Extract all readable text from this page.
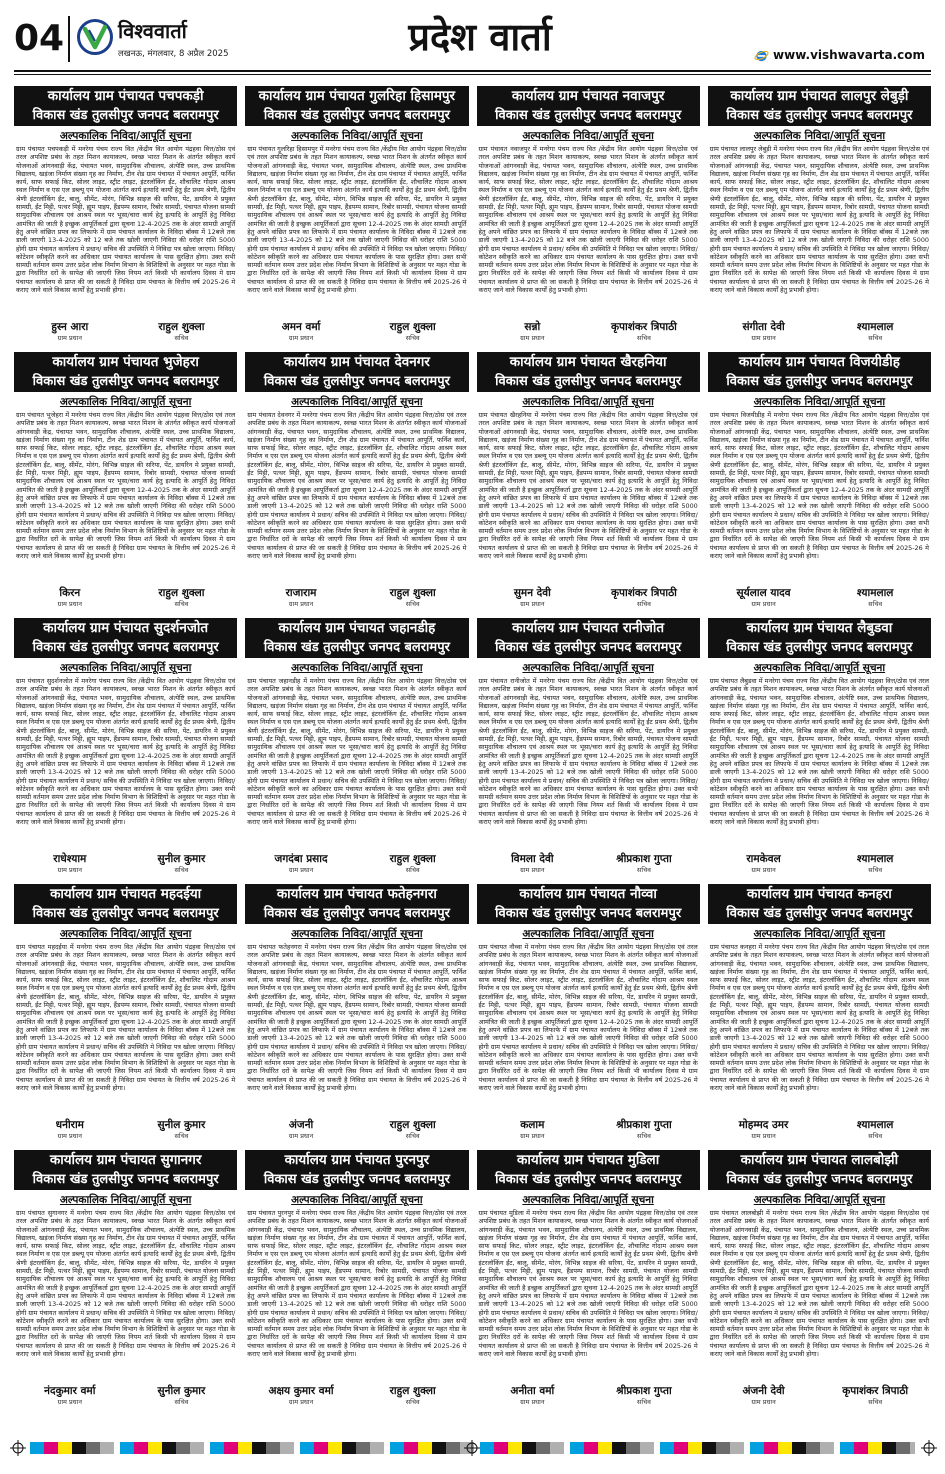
04	विश्ववार्ता
लखनऊ, मंगलवार, 8 अप्रैल 2025	प्रदेश वार्ता	www.vishwavarta.com
कार्यालय ग्राम पंचायत पचपकड़ी
विकास खंड तुलसीपुर जनपद बलरामपुर
अल्पकालिक निविदा/आपूर्ति सूचना
ग्राम पंचायत पचपकड़ी में मनरेगा पंचम राज्य वित /केंद्रीय वित आयोग पंद्रहवा वित्त/ठोस एवं तरल अपशिष्ट प्रबंध के तहत मिशन कायाकल्प, स्वच्छ भारत मिशन के अंतर्गत स्वीकृत कार्य योजनाओं आंगनवाड़ी केंद्र, पंचायत भवन, सामुदायिक शौचालय, अंत्येष्टि स्थल, उच्च प्राथमिक विद्यालय, खड़ंजा निर्माण संख्या गृह का निर्माण, टीन शेड ग्राम पंचायत में पंचायत आपूर्ति, फर्निश कार्य, साफ सफाई किट, सोलर लाइट, स्ट्रीट लाइट, इंटरलॉकिंग ईंट, शौचालिट गोदाम आश्रय स्थल निर्माण व एस एल डब्ल्यू एम योजना अंतर्गत कार्य इत्यादि कार्यों हेतु ईंट प्रथम श्रेणी, द्वितीय श्रेणी इंटरलॉकिंग ईंट, बालू, सीमेंट, मोरंग, विभिन्न साइज की सरिया, पेंट, डायरिन मे प्रयुक्त सामग्री, ईंट मिट्टी, पत्थर मिट्टी, ह्यूम पाइप, हैंडपम्प सामान, रिबोर सामग्री, पंचायत योजना सामग्री सामुदायिक शौचालय एवं आश्रय स्थल पर भूसा/चारा कार्य हेतु इत्यादि के आपूर्ति हेतु निविदा आमंत्रित की जाती है इच्छुक आपूर्तिकर्ता द्वारा सूचना 12-4-2025 तक के अंदर सामग्री आपूर्ति हेतु अपने वांछित प्रपत्र का लिफाफे में ग्राम पंचायत कार्यालय के निविदा बॉक्स में 12बजे तक डाली जाएगी 13-4-2025 को 12 बजे तक खोली जाएगी निविदा की धरोहर राशि 5000 होगी ग्राम पंचायत कार्यालय मे प्रधान/ सचिव की उपस्थिति मे निविदा पत्र खोला जाएगा। निविदा/कोटेशन स्वीकृति करने का अधिकार ग्राम पंचायत कार्यालय के पास सुरक्षित होगा। उक्त सभी सामग्री वर्तमान समय उत्तर प्रदेश लोक निर्माण विभाग के विशिष्टियों के अनुसार पर महत गोडा के द्वारा निर्धारित दरों के सापेक्ष की जाएगी जिस नियम शर्त किसी भी कार्यालय दिवस मे ग्राम पंचायत कार्यालय से प्राप्त की जा सकती है निविदा ग्राम पंचायत के वित्तीय वर्ष 2025-26 मे कराए जाने वाले विकास कार्यों हेतु प्रभावी होगा।
हुस्न आरा
ग्राम प्रधान
राहुल शुक्ला
सचिव
कार्यालय ग्राम पंचायत गुलरिहा हिसामपुर
विकास खंड तुलसीपुर जनपद बलरामपुर
अल्पकालिक निविदा/आपूर्ति सूचना
ग्राम पंचायत गुलरिहा हिसामपुर में मनरेगा पंचम राज्य वित /केंद्रीय वित आयोग पंद्रहवा वित्त/ठोस एवं तरल अपशिष्ट प्रबंध के तहत मिशन कायाकल्प, स्वच्छ भारत मिशन के अंतर्गत स्वीकृत कार्य योजनाओं आंगनवाड़ी केंद्र, पंचायत भवन, सामुदायिक शौचालय, अंत्येष्टि स्थल, उच्च प्राथमिक विद्यालय, खड़ंजा निर्माण संख्या गृह का निर्माण, टीन शेड ग्राम पंचायत में पंचायत आपूर्ति, फर्निश कार्य, साफ सफाई किट, सोलर लाइट, स्ट्रीट लाइट, इंटरलॉकिंग ईंट, शौचालिट गोदाम आश्रय स्थल निर्माण व एस एल डब्ल्यू एम योजना अंतर्गत कार्य इत्यादि कार्यों हेतु ईंट प्रथम श्रेणी, द्वितीय श्रेणी इंटरलॉकिंग ईंट, बालू, सीमेंट, मोरंग, विभिन्न साइज की सरिया, पेंट, डायरिन मे प्रयुक्त सामग्री, ईंट मिट्टी, पत्थर मिट्टी, ह्यूम पाइप, हैंडपम्प सामान, रिबोर सामग्री, पंचायत योजना सामग्री सामुदायिक शौचालय एवं आश्रय स्थल पर भूसा/चारा कार्य हेतु इत्यादि के आपूर्ति हेतु निविदा आमंत्रित की जाती है इच्छुक आपूर्तिकर्ता द्वारा सूचना 12-4-2025 तक के अंदर सामग्री आपूर्ति हेतु अपने वांछित प्रपत्र का लिफाफे में ग्राम पंचायत कार्यालय के निविदा बॉक्स में 12बजे तक डाली जाएगी 13-4-2025 को 12 बजे तक खोली जाएगी निविदा की धरोहर राशि 5000 होगी ग्राम पंचायत कार्यालय मे प्रधान/ सचिव की उपस्थिति मे निविदा पत्र खोला जाएगा। निविदा/कोटेशन स्वीकृति करने का अधिकार ग्राम पंचायत कार्यालय के पास सुरक्षित होगा। उक्त सभी सामग्री वर्तमान समय उत्तर प्रदेश लोक निर्माण विभाग के विशिष्टियों के अनुसार पर महत गोडा के द्वारा निर्धारित दरों के सापेक्ष की जाएगी जिस नियम शर्त किसी भी कार्यालय दिवस मे ग्राम पंचायत कार्यालय से प्राप्त की जा सकती है निविदा ग्राम पंचायत के वित्तीय वर्ष 2025-26 मे कराए जाने वाले विकास कार्यों हेतु प्रभावी होगा।
अमन वर्मा
ग्राम प्रधान
राहुल शुक्ला
सचिव
कार्यालय ग्राम पंचायत नवाजपुर
विकास खंड तुलसीपुर जनपद बलरामपुर
अल्पकालिक निविदा/आपूर्ति सूचना
ग्राम पंचायत नवाजपुर में मनरेगा पंचम राज्य वित /केंद्रीय वित आयोग पंद्रहवा वित्त/ठोस एवं तरल अपशिष्ट प्रबंध के तहत मिशन कायाकल्प, स्वच्छ भारत मिशन के अंतर्गत स्वीकृत कार्य योजनाओं आंगनवाड़ी केंद्र, पंचायत भवन, सामुदायिक शौचालय, अंत्येष्टि स्थल, उच्च प्राथमिक विद्यालय, खड़ंजा निर्माण संख्या गृह का निर्माण, टीन शेड ग्राम पंचायत में पंचायत आपूर्ति, फर्निश कार्य, साफ सफाई किट, सोलर लाइट, स्ट्रीट लाइट, इंटरलॉकिंग ईंट, शौचालिट गोदाम आश्रय स्थल निर्माण व एस एल डब्ल्यू एम योजना अंतर्गत कार्य इत्यादि कार्यों हेतु ईंट प्रथम श्रेणी, द्वितीय श्रेणी इंटरलॉकिंग ईंट, बालू, सीमेंट, मोरंग, विभिन्न साइज की सरिया, पेंट, डायरिन मे प्रयुक्त सामग्री, ईंट मिट्टी, पत्थर मिट्टी, ह्यूम पाइप, हैंडपम्प सामान, रिबोर सामग्री, पंचायत योजना सामग्री सामुदायिक शौचालय एवं आश्रय स्थल पर भूसा/चारा कार्य हेतु इत्यादि के आपूर्ति हेतु निविदा आमंत्रित की जाती है इच्छुक आपूर्तिकर्ता द्वारा सूचना 12-4-2025 तक के अंदर सामग्री आपूर्ति हेतु अपने वांछित प्रपत्र का लिफाफे में ग्राम पंचायत कार्यालय के निविदा बॉक्स में 12बजे तक डाली जाएगी 13-4-2025 को 12 बजे तक खोली जाएगी निविदा की धरोहर राशि 5000 होगी ग्राम पंचायत कार्यालय मे प्रधान/ सचिव की उपस्थिति मे निविदा पत्र खोला जाएगा। निविदा/कोटेशन स्वीकृति करने का अधिकार ग्राम पंचायत कार्यालय के पास सुरक्षित होगा। उक्त सभी सामग्री वर्तमान समय उत्तर प्रदेश लोक निर्माण विभाग के विशिष्टियों के अनुसार पर महत गोडा के द्वारा निर्धारित दरों के सापेक्ष की जाएगी जिस नियम शर्त किसी भी कार्यालय दिवस मे ग्राम पंचायत कार्यालय से प्राप्त की जा सकती है निविदा ग्राम पंचायत के वित्तीय वर्ष 2025-26 मे कराए जाने वाले विकास कार्यों हेतु प्रभावी होगा।
सन्नो
ग्राम प्रधान
कृपाशंकर त्रिपाठी
सचिव
कार्यालय ग्राम पंचायत लालपुर लेबुड़ी
विकास खंड तुलसीपुर जनपद बलरामपुर
अल्पकालिक निविदा/आपूर्ति सूचना
ग्राम पंचायत लालपुर लेबुड़ी में मनरेगा पंचम राज्य वित /केंद्रीय वित आयोग पंद्रहवा वित्त/ठोस एवं तरल अपशिष्ट प्रबंध के तहत मिशन कायाकल्प, स्वच्छ भारत मिशन के अंतर्गत स्वीकृत कार्य योजनाओं आंगनवाड़ी केंद्र, पंचायत भवन, सामुदायिक शौचालय, अंत्येष्टि स्थल, उच्च प्राथमिक विद्यालय, खड़ंजा निर्माण संख्या गृह का निर्माण, टीन शेड ग्राम पंचायत में पंचायत आपूर्ति, फर्निश कार्य, साफ सफाई किट, सोलर लाइट, स्ट्रीट लाइट, इंटरलॉकिंग ईंट, शौचालिट गोदाम आश्रय स्थल निर्माण व एस एल डब्ल्यू एम योजना अंतर्गत कार्य इत्यादि कार्यों हेतु ईंट प्रथम श्रेणी, द्वितीय श्रेणी इंटरलॉकिंग ईंट, बालू, सीमेंट, मोरंग, विभिन्न साइज की सरिया, पेंट, डायरिन मे प्रयुक्त सामग्री, ईंट मिट्टी, पत्थर मिट्टी, ह्यूम पाइप, हैंडपम्प सामान, रिबोर सामग्री, पंचायत योजना सामग्री सामुदायिक शौचालय एवं आश्रय स्थल पर भूसा/चारा कार्य हेतु इत्यादि के आपूर्ति हेतु निविदा आमंत्रित की जाती है इच्छुक आपूर्तिकर्ता द्वारा सूचना 12-4-2025 तक के अंदर सामग्री आपूर्ति हेतु अपने वांछित प्रपत्र का लिफाफे में ग्राम पंचायत कार्यालय के निविदा बॉक्स में 12बजे तक डाली जाएगी 13-4-2025 को 12 बजे तक खोली जाएगी निविदा की धरोहर राशि 5000 होगी ग्राम पंचायत कार्यालय मे प्रधान/ सचिव की उपस्थिति मे निविदा पत्र खोला जाएगा। निविदा/कोटेशन स्वीकृति करने का अधिकार ग्राम पंचायत कार्यालय के पास सुरक्षित होगा। उक्त सभी सामग्री वर्तमान समय उत्तर प्रदेश लोक निर्माण विभाग के विशिष्टियों के अनुसार पर महत गोडा के द्वारा निर्धारित दरों के सापेक्ष की जाएगी जिस नियम शर्त किसी भी कार्यालय दिवस मे ग्राम पंचायत कार्यालय से प्राप्त की जा सकती है निविदा ग्राम पंचायत के वित्तीय वर्ष 2025-26 मे कराए जाने वाले विकास कार्यों हेतु प्रभावी होगा।
संगीता देवी
ग्राम प्रधान
श्यामलाल
सचिव
कार्यालय ग्राम पंचायत भुजेहरा
विकास खंड तुलसीपुर जनपद बलरामपुर
अल्पकालिक निविदा/आपूर्ति सूचना
ग्राम पंचायत भुजेहरा में मनरेगा पंचम राज्य वित /केंद्रीय वित आयोग पंद्रहवा वित्त/ठोस एवं तरल अपशिष्ट प्रबंध के तहत मिशन कायाकल्प, स्वच्छ भारत मिशन के अंतर्गत स्वीकृत कार्य योजनाओं आंगनवाड़ी केंद्र, पंचायत भवन, सामुदायिक शौचालय, अंत्येष्टि स्थल, उच्च प्राथमिक विद्यालय, खड़ंजा निर्माण संख्या गृह का निर्माण, टीन शेड ग्राम पंचायत में पंचायत आपूर्ति, फर्निश कार्य, साफ सफाई किट, सोलर लाइट, स्ट्रीट लाइट, इंटरलॉकिंग ईंट, शौचालिट गोदाम आश्रय स्थल निर्माण व एस एल डब्ल्यू एम योजना अंतर्गत कार्य इत्यादि कार्यों हेतु ईंट प्रथम श्रेणी, द्वितीय श्रेणी इंटरलॉकिंग ईंट, बालू, सीमेंट, मोरंग, विभिन्न साइज की सरिया, पेंट, डायरिन मे प्रयुक्त सामग्री, ईंट मिट्टी, पत्थर मिट्टी, ह्यूम पाइप, हैंडपम्प सामान, रिबोर सामग्री, पंचायत योजना सामग्री सामुदायिक शौचालय एवं आश्रय स्थल पर भूसा/चारा कार्य हेतु इत्यादि के आपूर्ति हेतु निविदा आमंत्रित की जाती है इच्छुक आपूर्तिकर्ता द्वारा सूचना 12-4-2025 तक के अंदर सामग्री आपूर्ति हेतु अपने वांछित प्रपत्र का लिफाफे में ग्राम पंचायत कार्यालय के निविदा बॉक्स में 12बजे तक डाली जाएगी 13-4-2025 को 12 बजे तक खोली जाएगी निविदा की धरोहर राशि 5000 होगी ग्राम पंचायत कार्यालय मे प्रधान/ सचिव की उपस्थिति मे निविदा पत्र खोला जाएगा। निविदा/कोटेशन स्वीकृति करने का अधिकार ग्राम पंचायत कार्यालय के पास सुरक्षित होगा। उक्त सभी सामग्री वर्तमान समय उत्तर प्रदेश लोक निर्माण विभाग के विशिष्टियों के अनुसार पर महत गोडा के द्वारा निर्धारित दरों के सापेक्ष की जाएगी जिस नियम शर्त किसी भी कार्यालय दिवस मे ग्राम पंचायत कार्यालय से प्राप्त की जा सकती है निविदा ग्राम पंचायत के वित्तीय वर्ष 2025-26 मे कराए जाने वाले विकास कार्यों हेतु प्रभावी होगा।
किरन
ग्राम प्रधान
राहुल शुक्ला
सचिव
कार्यालय ग्राम पंचायत देवनगर
विकास खंड तुलसीपुर जनपद बलरामपुर
अल्पकालिक निविदा/आपूर्ति सूचना
ग्राम पंचायत देवनगर में मनरेगा पंचम राज्य वित /केंद्रीय वित आयोग पंद्रहवा वित्त/ठोस एवं तरल अपशिष्ट प्रबंध के तहत मिशन कायाकल्प, स्वच्छ भारत मिशन के अंतर्गत स्वीकृत कार्य योजनाओं आंगनवाड़ी केंद्र, पंचायत भवन, सामुदायिक शौचालय, अंत्येष्टि स्थल, उच्च प्राथमिक विद्यालय, खड़ंजा निर्माण संख्या गृह का निर्माण, टीन शेड ग्राम पंचायत में पंचायत आपूर्ति, फर्निश कार्य, साफ सफाई किट, सोलर लाइट, स्ट्रीट लाइट, इंटरलॉकिंग ईंट, शौचालिट गोदाम आश्रय स्थल निर्माण व एस एल डब्ल्यू एम योजना अंतर्गत कार्य इत्यादि कार्यों हेतु ईंट प्रथम श्रेणी, द्वितीय श्रेणी इंटरलॉकिंग ईंट, बालू, सीमेंट, मोरंग, विभिन्न साइज की सरिया, पेंट, डायरिन मे प्रयुक्त सामग्री, ईंट मिट्टी, पत्थर मिट्टी, ह्यूम पाइप, हैंडपम्प सामान, रिबोर सामग्री, पंचायत योजना सामग्री सामुदायिक शौचालय एवं आश्रय स्थल पर भूसा/चारा कार्य हेतु इत्यादि के आपूर्ति हेतु निविदा आमंत्रित की जाती है इच्छुक आपूर्तिकर्ता द्वारा सूचना 12-4-2025 तक के अंदर सामग्री आपूर्ति हेतु अपने वांछित प्रपत्र का लिफाफे में ग्राम पंचायत कार्यालय के निविदा बॉक्स में 12बजे तक डाली जाएगी 13-4-2025 को 12 बजे तक खोली जाएगी निविदा की धरोहर राशि 5000 होगी ग्राम पंचायत कार्यालय मे प्रधान/ सचिव की उपस्थिति मे निविदा पत्र खोला जाएगा। निविदा/कोटेशन स्वीकृति करने का अधिकार ग्राम पंचायत कार्यालय के पास सुरक्षित होगा। उक्त सभी सामग्री वर्तमान समय उत्तर प्रदेश लोक निर्माण विभाग के विशिष्टियों के अनुसार पर महत गोडा के द्वारा निर्धारित दरों के सापेक्ष की जाएगी जिस नियम शर्त किसी भी कार्यालय दिवस मे ग्राम पंचायत कार्यालय से प्राप्त की जा सकती है निविदा ग्राम पंचायत के वित्तीय वर्ष 2025-26 मे कराए जाने वाले विकास कार्यों हेतु प्रभावी होगा।
राजाराम
ग्राम प्रधान
राहुल शुक्ला
सचिव
कार्यालय ग्राम पंचायत खैरहनिया
विकास खंड तुलसीपुर जनपद बलरामपुर
अल्पकालिक निविदा/आपूर्ति सूचना
ग्राम पंचायत खैरहनिया में मनरेगा पंचम राज्य वित /केंद्रीय वित आयोग पंद्रहवा वित्त/ठोस एवं तरल अपशिष्ट प्रबंध के तहत मिशन कायाकल्प, स्वच्छ भारत मिशन के अंतर्गत स्वीकृत कार्य योजनाओं आंगनवाड़ी केंद्र, पंचायत भवन, सामुदायिक शौचालय, अंत्येष्टि स्थल, उच्च प्राथमिक विद्यालय, खड़ंजा निर्माण संख्या गृह का निर्माण, टीन शेड ग्राम पंचायत में पंचायत आपूर्ति, फर्निश कार्य, साफ सफाई किट, सोलर लाइट, स्ट्रीट लाइट, इंटरलॉकिंग ईंट, शौचालिट गोदाम आश्रय स्थल निर्माण व एस एल डब्ल्यू एम योजना अंतर्गत कार्य इत्यादि कार्यों हेतु ईंट प्रथम श्रेणी, द्वितीय श्रेणी इंटरलॉकिंग ईंट, बालू, सीमेंट, मोरंग, विभिन्न साइज की सरिया, पेंट, डायरिन मे प्रयुक्त सामग्री, ईंट मिट्टी, पत्थर मिट्टी, ह्यूम पाइप, हैंडपम्प सामान, रिबोर सामग्री, पंचायत योजना सामग्री सामुदायिक शौचालय एवं आश्रय स्थल पर भूसा/चारा कार्य हेतु इत्यादि के आपूर्ति हेतु निविदा आमंत्रित की जाती है इच्छुक आपूर्तिकर्ता द्वारा सूचना 12-4-2025 तक के अंदर सामग्री आपूर्ति हेतु अपने वांछित प्रपत्र का लिफाफे में ग्राम पंचायत कार्यालय के निविदा बॉक्स में 12बजे तक डाली जाएगी 13-4-2025 को 12 बजे तक खोली जाएगी निविदा की धरोहर राशि 5000 होगी ग्राम पंचायत कार्यालय मे प्रधान/ सचिव की उपस्थिति मे निविदा पत्र खोला जाएगा। निविदा/कोटेशन स्वीकृति करने का अधिकार ग्राम पंचायत कार्यालय के पास सुरक्षित होगा। उक्त सभी सामग्री वर्तमान समय उत्तर प्रदेश लोक निर्माण विभाग के विशिष्टियों के अनुसार पर महत गोडा के द्वारा निर्धारित दरों के सापेक्ष की जाएगी जिस नियम शर्त किसी भी कार्यालय दिवस मे ग्राम पंचायत कार्यालय से प्राप्त की जा सकती है निविदा ग्राम पंचायत के वित्तीय वर्ष 2025-26 मे कराए जाने वाले विकास कार्यों हेतु प्रभावी होगा।
सुमन देवी
ग्राम प्रधान
कृपाशंकर त्रिपाठी
सचिव
कार्यालय ग्राम पंचायत विजयीडीह
विकास खंड तुलसीपुर जनपद बलरामपुर
अल्पकालिक निविदा/आपूर्ति सूचना
ग्राम पंचायत विजयीडीह में मनरेगा पंचम राज्य वित /केंद्रीय वित आयोग पंद्रहवा वित्त/ठोस एवं तरल अपशिष्ट प्रबंध के तहत मिशन कायाकल्प, स्वच्छ भारत मिशन के अंतर्गत स्वीकृत कार्य योजनाओं आंगनवाड़ी केंद्र, पंचायत भवन, सामुदायिक शौचालय, अंत्येष्टि स्थल, उच्च प्राथमिक विद्यालय, खड़ंजा निर्माण संख्या गृह का निर्माण, टीन शेड ग्राम पंचायत में पंचायत आपूर्ति, फर्निश कार्य, साफ सफाई किट, सोलर लाइट, स्ट्रीट लाइट, इंटरलॉकिंग ईंट, शौचालिट गोदाम आश्रय स्थल निर्माण व एस एल डब्ल्यू एम योजना अंतर्गत कार्य इत्यादि कार्यों हेतु ईंट प्रथम श्रेणी, द्वितीय श्रेणी इंटरलॉकिंग ईंट, बालू, सीमेंट, मोरंग, विभिन्न साइज की सरिया, पेंट, डायरिन मे प्रयुक्त सामग्री, ईंट मिट्टी, पत्थर मिट्टी, ह्यूम पाइप, हैंडपम्प सामान, रिबोर सामग्री, पंचायत योजना सामग्री सामुदायिक शौचालय एवं आश्रय स्थल पर भूसा/चारा कार्य हेतु इत्यादि के आपूर्ति हेतु निविदा आमंत्रित की जाती है इच्छुक आपूर्तिकर्ता द्वारा सूचना 12-4-2025 तक के अंदर सामग्री आपूर्ति हेतु अपने वांछित प्रपत्र का लिफाफे में ग्राम पंचायत कार्यालय के निविदा बॉक्स में 12बजे तक डाली जाएगी 13-4-2025 को 12 बजे तक खोली जाएगी निविदा की धरोहर राशि 5000 होगी ग्राम पंचायत कार्यालय मे प्रधान/ सचिव की उपस्थिति मे निविदा पत्र खोला जाएगा। निविदा/कोटेशन स्वीकृति करने का अधिकार ग्राम पंचायत कार्यालय के पास सुरक्षित होगा। उक्त सभी सामग्री वर्तमान समय उत्तर प्रदेश लोक निर्माण विभाग के विशिष्टियों के अनुसार पर महत गोडा के द्वारा निर्धारित दरों के सापेक्ष की जाएगी जिस नियम शर्त किसी भी कार्यालय दिवस मे ग्राम पंचायत कार्यालय से प्राप्त की जा सकती है निविदा ग्राम पंचायत के वित्तीय वर्ष 2025-26 मे कराए जाने वाले विकास कार्यों हेतु प्रभावी होगा।
सूर्यलाल यादव
ग्राम प्रधान
श्यामलाल
सचिव
कार्यालय ग्राम पंचायत सुदर्शनजोत
विकास खंड तुलसीपुर जनपद बलरामपुर
अल्पकालिक निविदा/आपूर्ति सूचना
ग्राम पंचायत सुदर्शनजोत में मनरेगा पंचम राज्य वित /केंद्रीय वित आयोग पंद्रहवा वित्त/ठोस एवं तरल अपशिष्ट प्रबंध के तहत मिशन कायाकल्प, स्वच्छ भारत मिशन के अंतर्गत स्वीकृत कार्य योजनाओं आंगनवाड़ी केंद्र, पंचायत भवन, सामुदायिक शौचालय, अंत्येष्टि स्थल, उच्च प्राथमिक विद्यालय, खड़ंजा निर्माण संख्या गृह का निर्माण, टीन शेड ग्राम पंचायत में पंचायत आपूर्ति, फर्निश कार्य, साफ सफाई किट, सोलर लाइट, स्ट्रीट लाइट, इंटरलॉकिंग ईंट, शौचालिट गोदाम आश्रय स्थल निर्माण व एस एल डब्ल्यू एम योजना अंतर्गत कार्य इत्यादि कार्यों हेतु ईंट प्रथम श्रेणी, द्वितीय श्रेणी इंटरलॉकिंग ईंट, बालू, सीमेंट, मोरंग, विभिन्न साइज की सरिया, पेंट, डायरिन मे प्रयुक्त सामग्री, ईंट मिट्टी, पत्थर मिट्टी, ह्यूम पाइप, हैंडपम्प सामान, रिबोर सामग्री, पंचायत योजना सामग्री सामुदायिक शौचालय एवं आश्रय स्थल पर भूसा/चारा कार्य हेतु इत्यादि के आपूर्ति हेतु निविदा आमंत्रित की जाती है इच्छुक आपूर्तिकर्ता द्वारा सूचना 12-4-2025 तक के अंदर सामग्री आपूर्ति हेतु अपने वांछित प्रपत्र का लिफाफे में ग्राम पंचायत कार्यालय के निविदा बॉक्स में 12बजे तक डाली जाएगी 13-4-2025 को 12 बजे तक खोली जाएगी निविदा की धरोहर राशि 5000 होगी ग्राम पंचायत कार्यालय मे प्रधान/ सचिव की उपस्थिति मे निविदा पत्र खोला जाएगा। निविदा/कोटेशन स्वीकृति करने का अधिकार ग्राम पंचायत कार्यालय के पास सुरक्षित होगा। उक्त सभी सामग्री वर्तमान समय उत्तर प्रदेश लोक निर्माण विभाग के विशिष्टियों के अनुसार पर महत गोडा के द्वारा निर्धारित दरों के सापेक्ष की जाएगी जिस नियम शर्त किसी भी कार्यालय दिवस मे ग्राम पंचायत कार्यालय से प्राप्त की जा सकती है निविदा ग्राम पंचायत के वित्तीय वर्ष 2025-26 मे कराए जाने वाले विकास कार्यों हेतु प्रभावी होगा।
राधेश्याम
ग्राम प्रधान
सुनील कुमार
सचिव
कार्यालय ग्राम पंचायत जहानडीह
विकास खंड तुलसीपुर जनपद बलरामपुर
अल्पकालिक निविदा/आपूर्ति सूचना
ग्राम पंचायत जहानडीह में मनरेगा पंचम राज्य वित /केंद्रीय वित आयोग पंद्रहवा वित्त/ठोस एवं तरल अपशिष्ट प्रबंध के तहत मिशन कायाकल्प, स्वच्छ भारत मिशन के अंतर्गत स्वीकृत कार्य योजनाओं आंगनवाड़ी केंद्र, पंचायत भवन, सामुदायिक शौचालय, अंत्येष्टि स्थल, उच्च प्राथमिक विद्यालय, खड़ंजा निर्माण संख्या गृह का निर्माण, टीन शेड ग्राम पंचायत में पंचायत आपूर्ति, फर्निश कार्य, साफ सफाई किट, सोलर लाइट, स्ट्रीट लाइट, इंटरलॉकिंग ईंट, शौचालिट गोदाम आश्रय स्थल निर्माण व एस एल डब्ल्यू एम योजना अंतर्गत कार्य इत्यादि कार्यों हेतु ईंट प्रथम श्रेणी, द्वितीय श्रेणी इंटरलॉकिंग ईंट, बालू, सीमेंट, मोरंग, विभिन्न साइज की सरिया, पेंट, डायरिन मे प्रयुक्त सामग्री, ईंट मिट्टी, पत्थर मिट्टी, ह्यूम पाइप, हैंडपम्प सामान, रिबोर सामग्री, पंचायत योजना सामग्री सामुदायिक शौचालय एवं आश्रय स्थल पर भूसा/चारा कार्य हेतु इत्यादि के आपूर्ति हेतु निविदा आमंत्रित की जाती है इच्छुक आपूर्तिकर्ता द्वारा सूचना 12-4-2025 तक के अंदर सामग्री आपूर्ति हेतु अपने वांछित प्रपत्र का लिफाफे में ग्राम पंचायत कार्यालय के निविदा बॉक्स में 12बजे तक डाली जाएगी 13-4-2025 को 12 बजे तक खोली जाएगी निविदा की धरोहर राशि 5000 होगी ग्राम पंचायत कार्यालय मे प्रधान/ सचिव की उपस्थिति मे निविदा पत्र खोला जाएगा। निविदा/कोटेशन स्वीकृति करने का अधिकार ग्राम पंचायत कार्यालय के पास सुरक्षित होगा। उक्त सभी सामग्री वर्तमान समय उत्तर प्रदेश लोक निर्माण विभाग के विशिष्टियों के अनुसार पर महत गोडा के द्वारा निर्धारित दरों के सापेक्ष की जाएगी जिस नियम शर्त किसी भी कार्यालय दिवस मे ग्राम पंचायत कार्यालय से प्राप्त की जा सकती है निविदा ग्राम पंचायत के वित्तीय वर्ष 2025-26 मे कराए जाने वाले विकास कार्यों हेतु प्रभावी होगा।
जगदंबा प्रसाद
ग्राम प्रधान
राहुल शुक्ला
सचिव
कार्यालय ग्राम पंचायत रानीजोत
विकास खंड तुलसीपुर जनपद बलरामपुर
अल्पकालिक निविदा/आपूर्ति सूचना
ग्राम पंचायत रानीजोत में मनरेगा पंचम राज्य वित /केंद्रीय वित आयोग पंद्रहवा वित्त/ठोस एवं तरल अपशिष्ट प्रबंध के तहत मिशन कायाकल्प, स्वच्छ भारत मिशन के अंतर्गत स्वीकृत कार्य योजनाओं आंगनवाड़ी केंद्र, पंचायत भवन, सामुदायिक शौचालय, अंत्येष्टि स्थल, उच्च प्राथमिक विद्यालय, खड़ंजा निर्माण संख्या गृह का निर्माण, टीन शेड ग्राम पंचायत में पंचायत आपूर्ति, फर्निश कार्य, साफ सफाई किट, सोलर लाइट, स्ट्रीट लाइट, इंटरलॉकिंग ईंट, शौचालिट गोदाम आश्रय स्थल निर्माण व एस एल डब्ल्यू एम योजना अंतर्गत कार्य इत्यादि कार्यों हेतु ईंट प्रथम श्रेणी, द्वितीय श्रेणी इंटरलॉकिंग ईंट, बालू, सीमेंट, मोरंग, विभिन्न साइज की सरिया, पेंट, डायरिन मे प्रयुक्त सामग्री, ईंट मिट्टी, पत्थर मिट्टी, ह्यूम पाइप, हैंडपम्प सामान, रिबोर सामग्री, पंचायत योजना सामग्री सामुदायिक शौचालय एवं आश्रय स्थल पर भूसा/चारा कार्य हेतु इत्यादि के आपूर्ति हेतु निविदा आमंत्रित की जाती है इच्छुक आपूर्तिकर्ता द्वारा सूचना 12-4-2025 तक के अंदर सामग्री आपूर्ति हेतु अपने वांछित प्रपत्र का लिफाफे में ग्राम पंचायत कार्यालय के निविदा बॉक्स में 12बजे तक डाली जाएगी 13-4-2025 को 12 बजे तक खोली जाएगी निविदा की धरोहर राशि 5000 होगी ग्राम पंचायत कार्यालय मे प्रधान/ सचिव की उपस्थिति मे निविदा पत्र खोला जाएगा। निविदा/कोटेशन स्वीकृति करने का अधिकार ग्राम पंचायत कार्यालय के पास सुरक्षित होगा। उक्त सभी सामग्री वर्तमान समय उत्तर प्रदेश लोक निर्माण विभाग के विशिष्टियों के अनुसार पर महत गोडा के द्वारा निर्धारित दरों के सापेक्ष की जाएगी जिस नियम शर्त किसी भी कार्यालय दिवस मे ग्राम पंचायत कार्यालय से प्राप्त की जा सकती है निविदा ग्राम पंचायत के वित्तीय वर्ष 2025-26 मे कराए जाने वाले विकास कार्यों हेतु प्रभावी होगा।
विमला देवी
ग्राम प्रधान
श्रीप्रकाश गुप्ता
सचिव
कार्यालय ग्राम पंचायत लैबुडवा
विकास खंड तुलसीपुर जनपद बलरामपुर
अल्पकालिक निविदा/आपूर्ति सूचना
ग्राम पंचायत लैबुडवा में मनरेगा पंचम राज्य वित /केंद्रीय वित आयोग पंद्रहवा वित्त/ठोस एवं तरल अपशिष्ट प्रबंध के तहत मिशन कायाकल्प, स्वच्छ भारत मिशन के अंतर्गत स्वीकृत कार्य योजनाओं आंगनवाड़ी केंद्र, पंचायत भवन, सामुदायिक शौचालय, अंत्येष्टि स्थल, उच्च प्राथमिक विद्यालय, खड़ंजा निर्माण संख्या गृह का निर्माण, टीन शेड ग्राम पंचायत में पंचायत आपूर्ति, फर्निश कार्य, साफ सफाई किट, सोलर लाइट, स्ट्रीट लाइट, इंटरलॉकिंग ईंट, शौचालिट गोदाम आश्रय स्थल निर्माण व एस एल डब्ल्यू एम योजना अंतर्गत कार्य इत्यादि कार्यों हेतु ईंट प्रथम श्रेणी, द्वितीय श्रेणी इंटरलॉकिंग ईंट, बालू, सीमेंट, मोरंग, विभिन्न साइज की सरिया, पेंट, डायरिन मे प्रयुक्त सामग्री, ईंट मिट्टी, पत्थर मिट्टी, ह्यूम पाइप, हैंडपम्प सामान, रिबोर सामग्री, पंचायत योजना सामग्री सामुदायिक शौचालय एवं आश्रय स्थल पर भूसा/चारा कार्य हेतु इत्यादि के आपूर्ति हेतु निविदा आमंत्रित की जाती है इच्छुक आपूर्तिकर्ता द्वारा सूचना 12-4-2025 तक के अंदर सामग्री आपूर्ति हेतु अपने वांछित प्रपत्र का लिफाफे में ग्राम पंचायत कार्यालय के निविदा बॉक्स में 12बजे तक डाली जाएगी 13-4-2025 को 12 बजे तक खोली जाएगी निविदा की धरोहर राशि 5000 होगी ग्राम पंचायत कार्यालय मे प्रधान/ सचिव की उपस्थिति मे निविदा पत्र खोला जाएगा। निविदा/कोटेशन स्वीकृति करने का अधिकार ग्राम पंचायत कार्यालय के पास सुरक्षित होगा। उक्त सभी सामग्री वर्तमान समय उत्तर प्रदेश लोक निर्माण विभाग के विशिष्टियों के अनुसार पर महत गोडा के द्वारा निर्धारित दरों के सापेक्ष की जाएगी जिस नियम शर्त किसी भी कार्यालय दिवस मे ग्राम पंचायत कार्यालय से प्राप्त की जा सकती है निविदा ग्राम पंचायत के वित्तीय वर्ष 2025-26 मे कराए जाने वाले विकास कार्यों हेतु प्रभावी होगा।
रामकेवल
ग्राम प्रधान
श्यामलाल
सचिव
कार्यालय ग्राम पंचायत महदईया
विकास खंड तुलसीपुर जनपद बलरामपुर
अल्पकालिक निविदा/आपूर्ति सूचना
ग्राम पंचायत महदईया में मनरेगा पंचम राज्य वित /केंद्रीय वित आयोग पंद्रहवा वित्त/ठोस एवं तरल अपशिष्ट प्रबंध के तहत मिशन कायाकल्प, स्वच्छ भारत मिशन के अंतर्गत स्वीकृत कार्य योजनाओं आंगनवाड़ी केंद्र, पंचायत भवन, सामुदायिक शौचालय, अंत्येष्टि स्थल, उच्च प्राथमिक विद्यालय, खड़ंजा निर्माण संख्या गृह का निर्माण, टीन शेड ग्राम पंचायत में पंचायत आपूर्ति, फर्निश कार्य, साफ सफाई किट, सोलर लाइट, स्ट्रीट लाइट, इंटरलॉकिंग ईंट, शौचालिट गोदाम आश्रय स्थल निर्माण व एस एल डब्ल्यू एम योजना अंतर्गत कार्य इत्यादि कार्यों हेतु ईंट प्रथम श्रेणी, द्वितीय श्रेणी इंटरलॉकिंग ईंट, बालू, सीमेंट, मोरंग, विभिन्न साइज की सरिया, पेंट, डायरिन मे प्रयुक्त सामग्री, ईंट मिट्टी, पत्थर मिट्टी, ह्यूम पाइप, हैंडपम्प सामान, रिबोर सामग्री, पंचायत योजना सामग्री सामुदायिक शौचालय एवं आश्रय स्थल पर भूसा/चारा कार्य हेतु इत्यादि के आपूर्ति हेतु निविदा आमंत्रित की जाती है इच्छुक आपूर्तिकर्ता द्वारा सूचना 12-4-2025 तक के अंदर सामग्री आपूर्ति हेतु अपने वांछित प्रपत्र का लिफाफे में ग्राम पंचायत कार्यालय के निविदा बॉक्स में 12बजे तक डाली जाएगी 13-4-2025 को 12 बजे तक खोली जाएगी निविदा की धरोहर राशि 5000 होगी ग्राम पंचायत कार्यालय मे प्रधान/ सचिव की उपस्थिति मे निविदा पत्र खोला जाएगा। निविदा/कोटेशन स्वीकृति करने का अधिकार ग्राम पंचायत कार्यालय के पास सुरक्षित होगा। उक्त सभी सामग्री वर्तमान समय उत्तर प्रदेश लोक निर्माण विभाग के विशिष्टियों के अनुसार पर महत गोडा के द्वारा निर्धारित दरों के सापेक्ष की जाएगी जिस नियम शर्त किसी भी कार्यालय दिवस मे ग्राम पंचायत कार्यालय से प्राप्त की जा सकती है निविदा ग्राम पंचायत के वित्तीय वर्ष 2025-26 मे कराए जाने वाले विकास कार्यों हेतु प्रभावी होगा।
धनीराम
ग्राम प्रधान
सुनील कुमार
सचिव
कार्यालय ग्राम पंचायत फतेहनगरा
विकास खंड तुलसीपुर जनपद बलरामपुर
अल्पकालिक निविदा/आपूर्ति सूचना
ग्राम पंचायत फतेहनगरा में मनरेगा पंचम राज्य वित /केंद्रीय वित आयोग पंद्रहवा वित्त/ठोस एवं तरल अपशिष्ट प्रबंध के तहत मिशन कायाकल्प, स्वच्छ भारत मिशन के अंतर्गत स्वीकृत कार्य योजनाओं आंगनवाड़ी केंद्र, पंचायत भवन, सामुदायिक शौचालय, अंत्येष्टि स्थल, उच्च प्राथमिक विद्यालय, खड़ंजा निर्माण संख्या गृह का निर्माण, टीन शेड ग्राम पंचायत में पंचायत आपूर्ति, फर्निश कार्य, साफ सफाई किट, सोलर लाइट, स्ट्रीट लाइट, इंटरलॉकिंग ईंट, शौचालिट गोदाम आश्रय स्थल निर्माण व एस एल डब्ल्यू एम योजना अंतर्गत कार्य इत्यादि कार्यों हेतु ईंट प्रथम श्रेणी, द्वितीय श्रेणी इंटरलॉकिंग ईंट, बालू, सीमेंट, मोरंग, विभिन्न साइज की सरिया, पेंट, डायरिन मे प्रयुक्त सामग्री, ईंट मिट्टी, पत्थर मिट्टी, ह्यूम पाइप, हैंडपम्प सामान, रिबोर सामग्री, पंचायत योजना सामग्री सामुदायिक शौचालय एवं आश्रय स्थल पर भूसा/चारा कार्य हेतु इत्यादि के आपूर्ति हेतु निविदा आमंत्रित की जाती है इच्छुक आपूर्तिकर्ता द्वारा सूचना 12-4-2025 तक के अंदर सामग्री आपूर्ति हेतु अपने वांछित प्रपत्र का लिफाफे में ग्राम पंचायत कार्यालय के निविदा बॉक्स में 12बजे तक डाली जाएगी 13-4-2025 को 12 बजे तक खोली जाएगी निविदा की धरोहर राशि 5000 होगी ग्राम पंचायत कार्यालय मे प्रधान/ सचिव की उपस्थिति मे निविदा पत्र खोला जाएगा। निविदा/कोटेशन स्वीकृति करने का अधिकार ग्राम पंचायत कार्यालय के पास सुरक्षित होगा। उक्त सभी सामग्री वर्तमान समय उत्तर प्रदेश लोक निर्माण विभाग के विशिष्टियों के अनुसार पर महत गोडा के द्वारा निर्धारित दरों के सापेक्ष की जाएगी जिस नियम शर्त किसी भी कार्यालय दिवस मे ग्राम पंचायत कार्यालय से प्राप्त की जा सकती है निविदा ग्राम पंचायत के वित्तीय वर्ष 2025-26 मे कराए जाने वाले विकास कार्यों हेतु प्रभावी होगा।
अंजनी
ग्राम प्रधान
राहुल शुक्ला
सचिव
कार्यालय ग्राम पंचायत नौव्वा
विकास खंड तुलसीपुर जनपद बलरामपुर
अल्पकालिक निविदा/आपूर्ति सूचना
ग्राम पंचायत नौव्वा में मनरेगा पंचम राज्य वित /केंद्रीय वित आयोग पंद्रहवा वित्त/ठोस एवं तरल अपशिष्ट प्रबंध के तहत मिशन कायाकल्प, स्वच्छ भारत मिशन के अंतर्गत स्वीकृत कार्य योजनाओं आंगनवाड़ी केंद्र, पंचायत भवन, सामुदायिक शौचालय, अंत्येष्टि स्थल, उच्च प्राथमिक विद्यालय, खड़ंजा निर्माण संख्या गृह का निर्माण, टीन शेड ग्राम पंचायत में पंचायत आपूर्ति, फर्निश कार्य, साफ सफाई किट, सोलर लाइट, स्ट्रीट लाइट, इंटरलॉकिंग ईंट, शौचालिट गोदाम आश्रय स्थल निर्माण व एस एल डब्ल्यू एम योजना अंतर्गत कार्य इत्यादि कार्यों हेतु ईंट प्रथम श्रेणी, द्वितीय श्रेणी इंटरलॉकिंग ईंट, बालू, सीमेंट, मोरंग, विभिन्न साइज की सरिया, पेंट, डायरिन मे प्रयुक्त सामग्री, ईंट मिट्टी, पत्थर मिट्टी, ह्यूम पाइप, हैंडपम्प सामान, रिबोर सामग्री, पंचायत योजना सामग्री सामुदायिक शौचालय एवं आश्रय स्थल पर भूसा/चारा कार्य हेतु इत्यादि के आपूर्ति हेतु निविदा आमंत्रित की जाती है इच्छुक आपूर्तिकर्ता द्वारा सूचना 12-4-2025 तक के अंदर सामग्री आपूर्ति हेतु अपने वांछित प्रपत्र का लिफाफे में ग्राम पंचायत कार्यालय के निविदा बॉक्स में 12बजे तक डाली जाएगी 13-4-2025 को 12 बजे तक खोली जाएगी निविदा की धरोहर राशि 5000 होगी ग्राम पंचायत कार्यालय मे प्रधान/ सचिव की उपस्थिति मे निविदा पत्र खोला जाएगा। निविदा/कोटेशन स्वीकृति करने का अधिकार ग्राम पंचायत कार्यालय के पास सुरक्षित होगा। उक्त सभी सामग्री वर्तमान समय उत्तर प्रदेश लोक निर्माण विभाग के विशिष्टियों के अनुसार पर महत गोडा के द्वारा निर्धारित दरों के सापेक्ष की जाएगी जिस नियम शर्त किसी भी कार्यालय दिवस मे ग्राम पंचायत कार्यालय से प्राप्त की जा सकती है निविदा ग्राम पंचायत के वित्तीय वर्ष 2025-26 मे कराए जाने वाले विकास कार्यों हेतु प्रभावी होगा।
कलाम
ग्राम प्रधान
श्रीप्रकाश गुप्ता
सचिव
कार्यालय ग्राम पंचायत कनहरा
विकास खंड तुलसीपुर जनपद बलरामपुर
अल्पकालिक निविदा/आपूर्ति सूचना
ग्राम पंचायत कनहरा में मनरेगा पंचम राज्य वित /केंद्रीय वित आयोग पंद्रहवा वित्त/ठोस एवं तरल अपशिष्ट प्रबंध के तहत मिशन कायाकल्प, स्वच्छ भारत मिशन के अंतर्गत स्वीकृत कार्य योजनाओं आंगनवाड़ी केंद्र, पंचायत भवन, सामुदायिक शौचालय, अंत्येष्टि स्थल, उच्च प्राथमिक विद्यालय, खड़ंजा निर्माण संख्या गृह का निर्माण, टीन शेड ग्राम पंचायत में पंचायत आपूर्ति, फर्निश कार्य, साफ सफाई किट, सोलर लाइट, स्ट्रीट लाइट, इंटरलॉकिंग ईंट, शौचालिट गोदाम आश्रय स्थल निर्माण व एस एल डब्ल्यू एम योजना अंतर्गत कार्य इत्यादि कार्यों हेतु ईंट प्रथम श्रेणी, द्वितीय श्रेणी इंटरलॉकिंग ईंट, बालू, सीमेंट, मोरंग, विभिन्न साइज की सरिया, पेंट, डायरिन मे प्रयुक्त सामग्री, ईंट मिट्टी, पत्थर मिट्टी, ह्यूम पाइप, हैंडपम्प सामान, रिबोर सामग्री, पंचायत योजना सामग्री सामुदायिक शौचालय एवं आश्रय स्थल पर भूसा/चारा कार्य हेतु इत्यादि के आपूर्ति हेतु निविदा आमंत्रित की जाती है इच्छुक आपूर्तिकर्ता द्वारा सूचना 12-4-2025 तक के अंदर सामग्री आपूर्ति हेतु अपने वांछित प्रपत्र का लिफाफे में ग्राम पंचायत कार्यालय के निविदा बॉक्स में 12बजे तक डाली जाएगी 13-4-2025 को 12 बजे तक खोली जाएगी निविदा की धरोहर राशि 5000 होगी ग्राम पंचायत कार्यालय मे प्रधान/ सचिव की उपस्थिति मे निविदा पत्र खोला जाएगा। निविदा/कोटेशन स्वीकृति करने का अधिकार ग्राम पंचायत कार्यालय के पास सुरक्षित होगा। उक्त सभी सामग्री वर्तमान समय उत्तर प्रदेश लोक निर्माण विभाग के विशिष्टियों के अनुसार पर महत गोडा के द्वारा निर्धारित दरों के सापेक्ष की जाएगी जिस नियम शर्त किसी भी कार्यालय दिवस मे ग्राम पंचायत कार्यालय से प्राप्त की जा सकती है निविदा ग्राम पंचायत के वित्तीय वर्ष 2025-26 मे कराए जाने वाले विकास कार्यों हेतु प्रभावी होगा।
मोहम्मद उमर
ग्राम प्रधान
श्यामलाल
सचिव
कार्यालय ग्राम पंचायत सुगानगर
विकास खंड तुलसीपुर जनपद बलरामपुर
अल्पकालिक निविदा/आपूर्ति सूचना
ग्राम पंचायत सुगानगर में मनरेगा पंचम राज्य वित /केंद्रीय वित आयोग पंद्रहवा वित्त/ठोस एवं तरल अपशिष्ट प्रबंध के तहत मिशन कायाकल्प, स्वच्छ भारत मिशन के अंतर्गत स्वीकृत कार्य योजनाओं आंगनवाड़ी केंद्र, पंचायत भवन, सामुदायिक शौचालय, अंत्येष्टि स्थल, उच्च प्राथमिक विद्यालय, खड़ंजा निर्माण संख्या गृह का निर्माण, टीन शेड ग्राम पंचायत में पंचायत आपूर्ति, फर्निश कार्य, साफ सफाई किट, सोलर लाइट, स्ट्रीट लाइट, इंटरलॉकिंग ईंट, शौचालिट गोदाम आश्रय स्थल निर्माण व एस एल डब्ल्यू एम योजना अंतर्गत कार्य इत्यादि कार्यों हेतु ईंट प्रथम श्रेणी, द्वितीय श्रेणी इंटरलॉकिंग ईंट, बालू, सीमेंट, मोरंग, विभिन्न साइज की सरिया, पेंट, डायरिन मे प्रयुक्त सामग्री, ईंट मिट्टी, पत्थर मिट्टी, ह्यूम पाइप, हैंडपम्प सामान, रिबोर सामग्री, पंचायत योजना सामग्री सामुदायिक शौचालय एवं आश्रय स्थल पर भूसा/चारा कार्य हेतु इत्यादि के आपूर्ति हेतु निविदा आमंत्रित की जाती है इच्छुक आपूर्तिकर्ता द्वारा सूचना 12-4-2025 तक के अंदर सामग्री आपूर्ति हेतु अपने वांछित प्रपत्र का लिफाफे में ग्राम पंचायत कार्यालय के निविदा बॉक्स में 12बजे तक डाली जाएगी 13-4-2025 को 12 बजे तक खोली जाएगी निविदा की धरोहर राशि 5000 होगी ग्राम पंचायत कार्यालय मे प्रधान/ सचिव की उपस्थिति मे निविदा पत्र खोला जाएगा। निविदा/कोटेशन स्वीकृति करने का अधिकार ग्राम पंचायत कार्यालय के पास सुरक्षित होगा। उक्त सभी सामग्री वर्तमान समय उत्तर प्रदेश लोक निर्माण विभाग के विशिष्टियों के अनुसार पर महत गोडा के द्वारा निर्धारित दरों के सापेक्ष की जाएगी जिस नियम शर्त किसी भी कार्यालय दिवस मे ग्राम पंचायत कार्यालय से प्राप्त की जा सकती है निविदा ग्राम पंचायत के वित्तीय वर्ष 2025-26 मे कराए जाने वाले विकास कार्यों हेतु प्रभावी होगा।
नंदकुमार वर्मा
ग्राम प्रधान
सुनील कुमार
सचिव
कार्यालय ग्राम पंचायत पुरनपुर
विकास खंड तुलसीपुर जनपद बलरामपुर
अल्पकालिक निविदा/आपूर्ति सूचना
ग्राम पंचायत पुरनपुर में मनरेगा पंचम राज्य वित /केंद्रीय वित आयोग पंद्रहवा वित्त/ठोस एवं तरल अपशिष्ट प्रबंध के तहत मिशन कायाकल्प, स्वच्छ भारत मिशन के अंतर्गत स्वीकृत कार्य योजनाओं आंगनवाड़ी केंद्र, पंचायत भवन, सामुदायिक शौचालय, अंत्येष्टि स्थल, उच्च प्राथमिक विद्यालय, खड़ंजा निर्माण संख्या गृह का निर्माण, टीन शेड ग्राम पंचायत में पंचायत आपूर्ति, फर्निश कार्य, साफ सफाई किट, सोलर लाइट, स्ट्रीट लाइट, इंटरलॉकिंग ईंट, शौचालिट गोदाम आश्रय स्थल निर्माण व एस एल डब्ल्यू एम योजना अंतर्गत कार्य इत्यादि कार्यों हेतु ईंट प्रथम श्रेणी, द्वितीय श्रेणी इंटरलॉकिंग ईंट, बालू, सीमेंट, मोरंग, विभिन्न साइज की सरिया, पेंट, डायरिन मे प्रयुक्त सामग्री, ईंट मिट्टी, पत्थर मिट्टी, ह्यूम पाइप, हैंडपम्प सामान, रिबोर सामग्री, पंचायत योजना सामग्री सामुदायिक शौचालय एवं आश्रय स्थल पर भूसा/चारा कार्य हेतु इत्यादि के आपूर्ति हेतु निविदा आमंत्रित की जाती है इच्छुक आपूर्तिकर्ता द्वारा सूचना 12-4-2025 तक के अंदर सामग्री आपूर्ति हेतु अपने वांछित प्रपत्र का लिफाफे में ग्राम पंचायत कार्यालय के निविदा बॉक्स में 12बजे तक डाली जाएगी 13-4-2025 को 12 बजे तक खोली जाएगी निविदा की धरोहर राशि 5000 होगी ग्राम पंचायत कार्यालय मे प्रधान/ सचिव की उपस्थिति मे निविदा पत्र खोला जाएगा। निविदा/कोटेशन स्वीकृति करने का अधिकार ग्राम पंचायत कार्यालय के पास सुरक्षित होगा। उक्त सभी सामग्री वर्तमान समय उत्तर प्रदेश लोक निर्माण विभाग के विशिष्टियों के अनुसार पर महत गोडा के द्वारा निर्धारित दरों के सापेक्ष की जाएगी जिस नियम शर्त किसी भी कार्यालय दिवस मे ग्राम पंचायत कार्यालय से प्राप्त की जा सकती है निविदा ग्राम पंचायत के वित्तीय वर्ष 2025-26 मे कराए जाने वाले विकास कार्यों हेतु प्रभावी होगा।
अक्षय कुमार वर्मा
ग्राम प्रधान
राहुल शुक्ला
सचिव
कार्यालय ग्राम पंचायत मुडिला
विकास खंड तुलसीपुर जनपद बलरामपुर
अल्पकालिक निविदा/आपूर्ति सूचना
ग्राम पंचायत मुडिला में मनरेगा पंचम राज्य वित /केंद्रीय वित आयोग पंद्रहवा वित्त/ठोस एवं तरल अपशिष्ट प्रबंध के तहत मिशन कायाकल्प, स्वच्छ भारत मिशन के अंतर्गत स्वीकृत कार्य योजनाओं आंगनवाड़ी केंद्र, पंचायत भवन, सामुदायिक शौचालय, अंत्येष्टि स्थल, उच्च प्राथमिक विद्यालय, खड़ंजा निर्माण संख्या गृह का निर्माण, टीन शेड ग्राम पंचायत में पंचायत आपूर्ति, फर्निश कार्य, साफ सफाई किट, सोलर लाइट, स्ट्रीट लाइट, इंटरलॉकिंग ईंट, शौचालिट गोदाम आश्रय स्थल निर्माण व एस एल डब्ल्यू एम योजना अंतर्गत कार्य इत्यादि कार्यों हेतु ईंट प्रथम श्रेणी, द्वितीय श्रेणी इंटरलॉकिंग ईंट, बालू, सीमेंट, मोरंग, विभिन्न साइज की सरिया, पेंट, डायरिन मे प्रयुक्त सामग्री, ईंट मिट्टी, पत्थर मिट्टी, ह्यूम पाइप, हैंडपम्प सामान, रिबोर सामग्री, पंचायत योजना सामग्री सामुदायिक शौचालय एवं आश्रय स्थल पर भूसा/चारा कार्य हेतु इत्यादि के आपूर्ति हेतु निविदा आमंत्रित की जाती है इच्छुक आपूर्तिकर्ता द्वारा सूचना 12-4-2025 तक के अंदर सामग्री आपूर्ति हेतु अपने वांछित प्रपत्र का लिफाफे में ग्राम पंचायत कार्यालय के निविदा बॉक्स में 12बजे तक डाली जाएगी 13-4-2025 को 12 बजे तक खोली जाएगी निविदा की धरोहर राशि 5000 होगी ग्राम पंचायत कार्यालय मे प्रधान/ सचिव की उपस्थिति मे निविदा पत्र खोला जाएगा। निविदा/कोटेशन स्वीकृति करने का अधिकार ग्राम पंचायत कार्यालय के पास सुरक्षित होगा। उक्त सभी सामग्री वर्तमान समय उत्तर प्रदेश लोक निर्माण विभाग के विशिष्टियों के अनुसार पर महत गोडा के द्वारा निर्धारित दरों के सापेक्ष की जाएगी जिस नियम शर्त किसी भी कार्यालय दिवस मे ग्राम पंचायत कार्यालय से प्राप्त की जा सकती है निविदा ग्राम पंचायत के वित्तीय वर्ष 2025-26 मे कराए जाने वाले विकास कार्यों हेतु प्रभावी होगा।
अनीता वर्मा
ग्राम प्रधान
श्रीप्रकाश गुप्ता
सचिव
कार्यालय ग्राम पंचायत लालबोझी
विकास खंड तुलसीपुर जनपद बलरामपुर
अल्पकालिक निविदा/आपूर्ति सूचना
ग्राम पंचायत लालबोझी में मनरेगा पंचम राज्य वित /केंद्रीय वित आयोग पंद्रहवा वित्त/ठोस एवं तरल अपशिष्ट प्रबंध के तहत मिशन कायाकल्प, स्वच्छ भारत मिशन के अंतर्गत स्वीकृत कार्य योजनाओं आंगनवाड़ी केंद्र, पंचायत भवन, सामुदायिक शौचालय, अंत्येष्टि स्थल, उच्च प्राथमिक विद्यालय, खड़ंजा निर्माण संख्या गृह का निर्माण, टीन शेड ग्राम पंचायत में पंचायत आपूर्ति, फर्निश कार्य, साफ सफाई किट, सोलर लाइट, स्ट्रीट लाइट, इंटरलॉकिंग ईंट, शौचालिट गोदाम आश्रय स्थल निर्माण व एस एल डब्ल्यू एम योजना अंतर्गत कार्य इत्यादि कार्यों हेतु ईंट प्रथम श्रेणी, द्वितीय श्रेणी इंटरलॉकिंग ईंट, बालू, सीमेंट, मोरंग, विभिन्न साइज की सरिया, पेंट, डायरिन मे प्रयुक्त सामग्री, ईंट मिट्टी, पत्थर मिट्टी, ह्यूम पाइप, हैंडपम्प सामान, रिबोर सामग्री, पंचायत योजना सामग्री सामुदायिक शौचालय एवं आश्रय स्थल पर भूसा/चारा कार्य हेतु इत्यादि के आपूर्ति हेतु निविदा आमंत्रित की जाती है इच्छुक आपूर्तिकर्ता द्वारा सूचना 12-4-2025 तक के अंदर सामग्री आपूर्ति हेतु अपने वांछित प्रपत्र का लिफाफे में ग्राम पंचायत कार्यालय के निविदा बॉक्स में 12बजे तक डाली जाएगी 13-4-2025 को 12 बजे तक खोली जाएगी निविदा की धरोहर राशि 5000 होगी ग्राम पंचायत कार्यालय मे प्रधान/ सचिव की उपस्थिति मे निविदा पत्र खोला जाएगा। निविदा/कोटेशन स्वीकृति करने का अधिकार ग्राम पंचायत कार्यालय के पास सुरक्षित होगा। उक्त सभी सामग्री वर्तमान समय उत्तर प्रदेश लोक निर्माण विभाग के विशिष्टियों के अनुसार पर महत गोडा के द्वारा निर्धारित दरों के सापेक्ष की जाएगी जिस नियम शर्त किसी भी कार्यालय दिवस मे ग्राम पंचायत कार्यालय से प्राप्त की जा सकती है निविदा ग्राम पंचायत के वित्तीय वर्ष 2025-26 मे कराए जाने वाले विकास कार्यों हेतु प्रभावी होगा।
अंजनी देवी
ग्राम प्रधान
कृपाशंकर त्रिपाठी
सचिव
